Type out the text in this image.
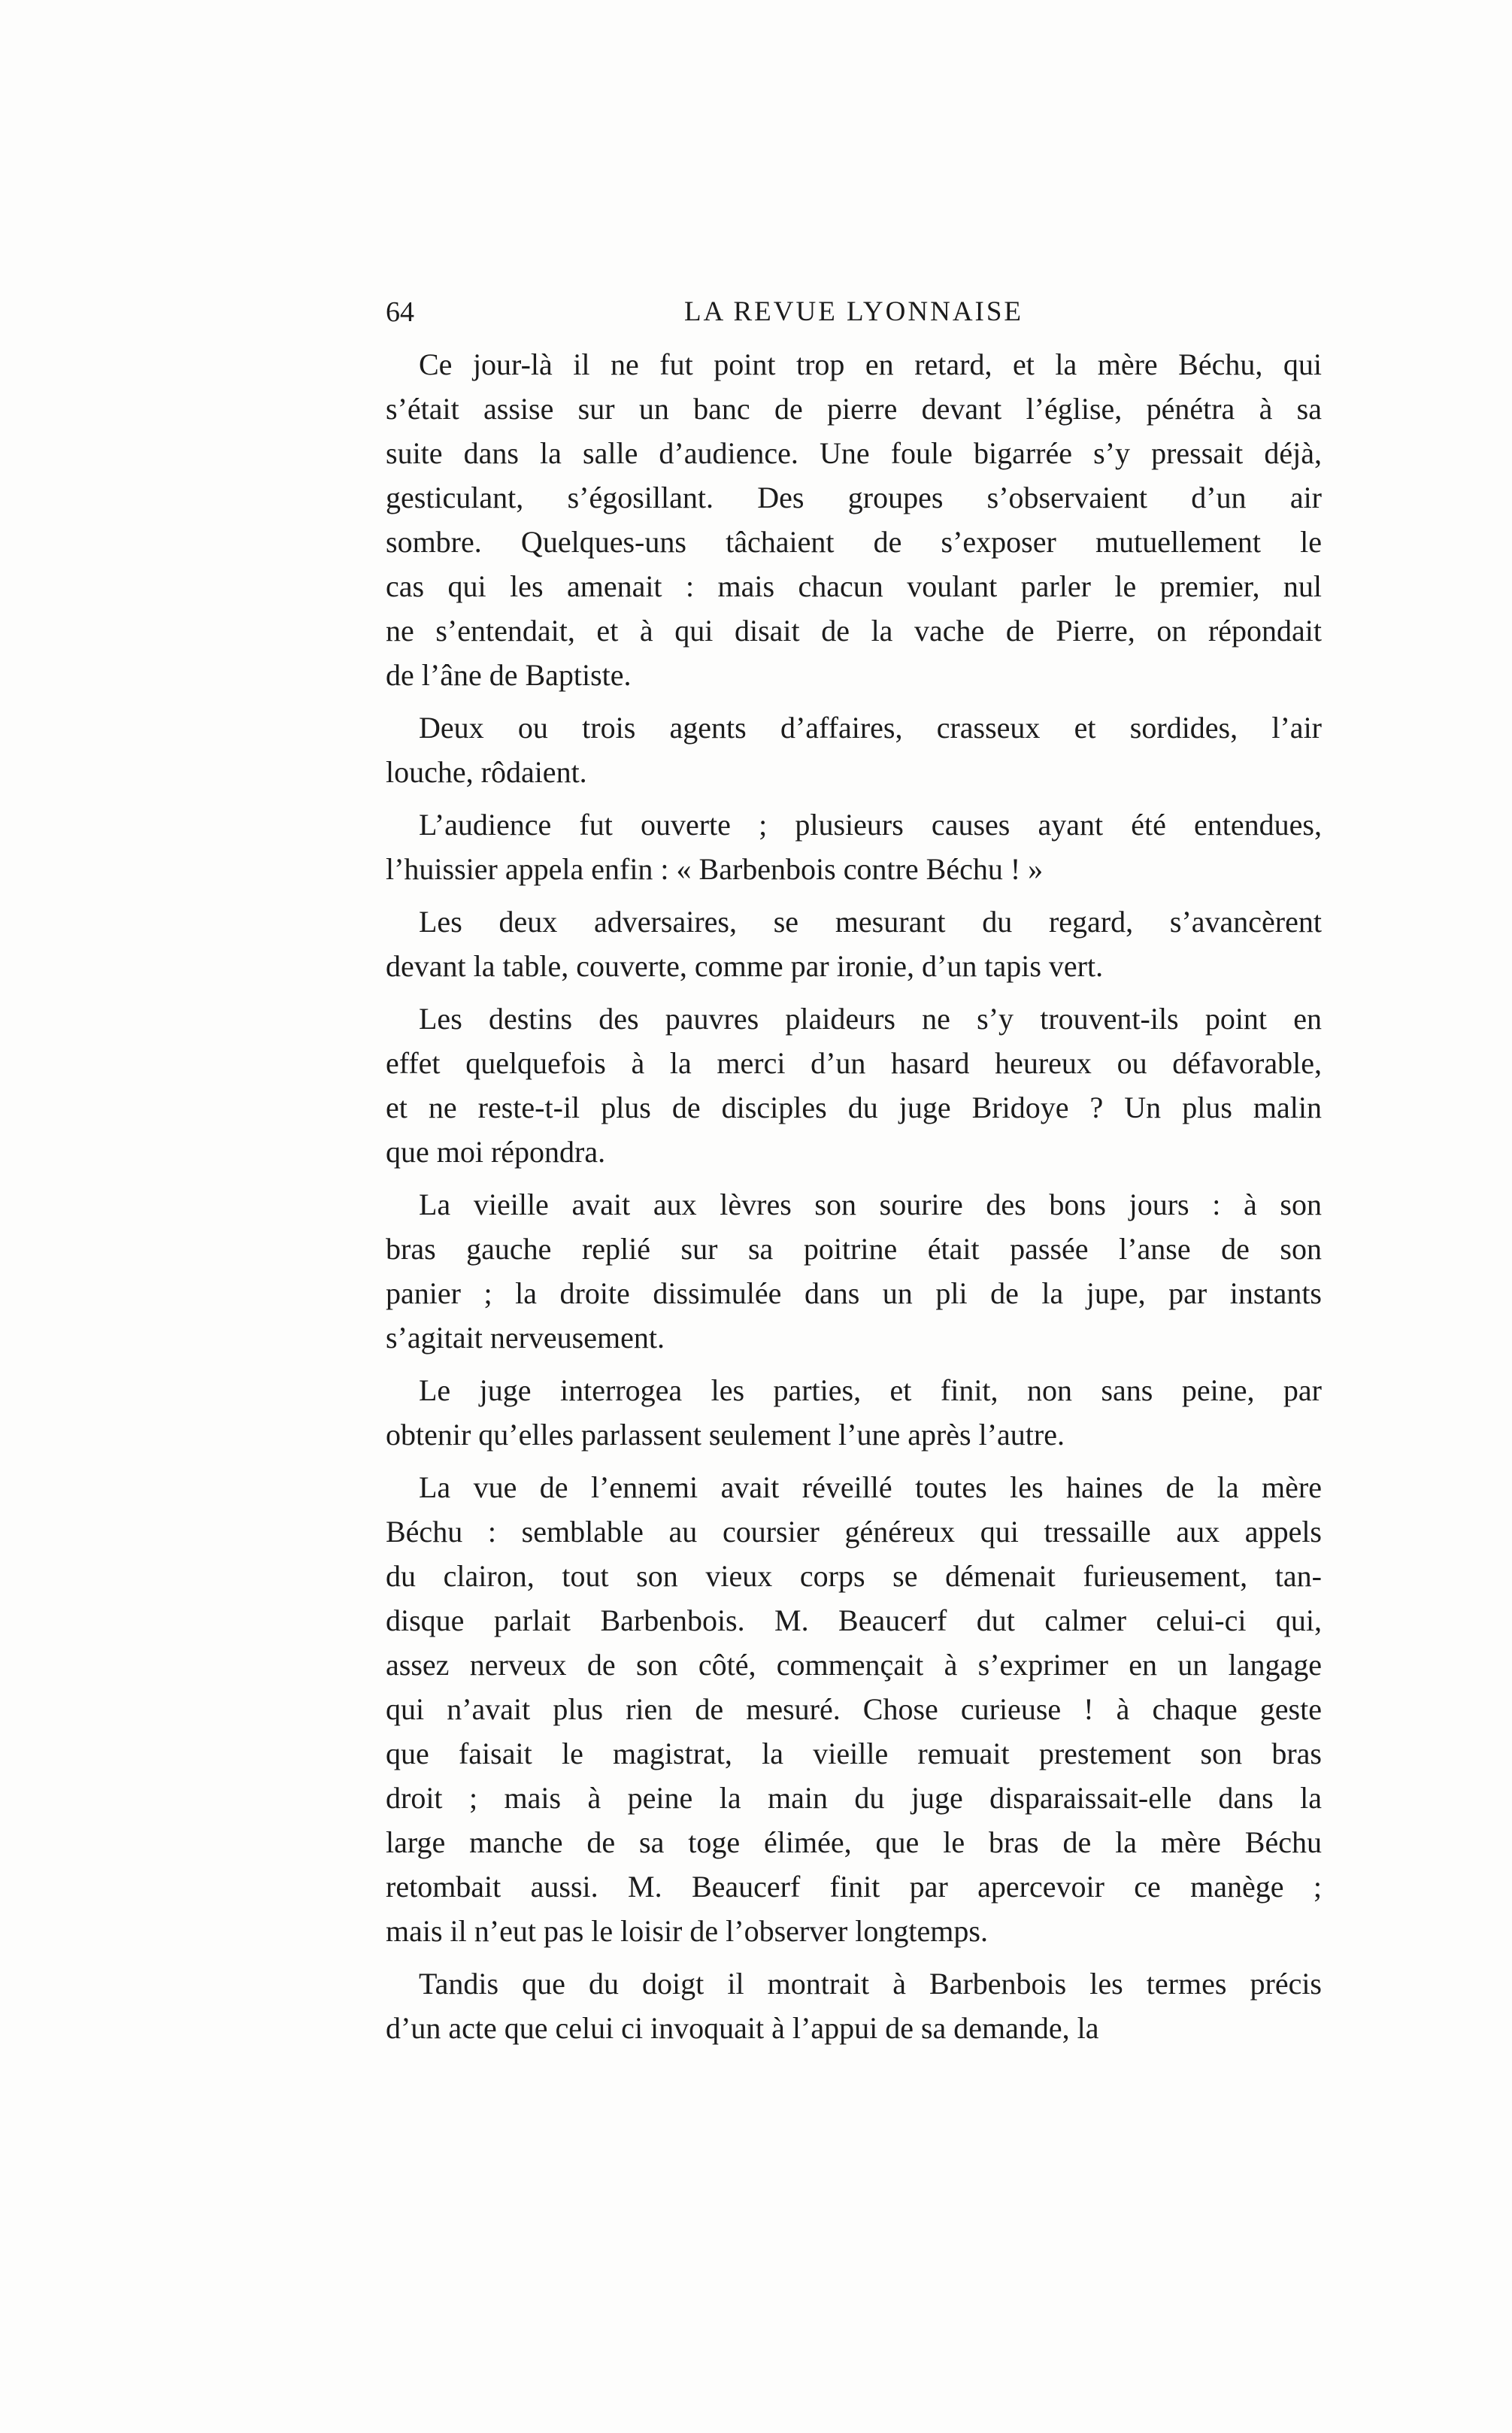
64	LA REVUE LYONNAISE
Ce jour-là il ne fut point trop en retard, et la mère Béchu, qui
s’était assise sur un banc de pierre devant l’église, pénétra à sa
suite dans la salle d’audience. Une foule bigarrée s’y pressait déjà,
gesticulant, s’égosillant. Des groupes s’observaient d’un air
sombre. Quelques-uns tâchaient de s’exposer mutuellement le
cas qui les amenait : mais chacun voulant parler le premier, nul
ne s’entendait, et à qui disait de la vache de Pierre, on répondait
de l’âne de Baptiste.
Deux ou trois agents d’affaires, crasseux et sordides, l’air
louche, rôdaient.
L’audience fut ouverte ; plusieurs causes ayant été entendues,
l’huissier appela enfin : « Barbenbois contre Béchu ! »
Les deux adversaires, se mesurant du regard, s’avancèrent
devant la table, couverte, comme par ironie, d’un tapis vert.
Les destins des pauvres plaideurs ne s’y trouvent-ils point en
effet quelquefois à la merci d’un hasard heureux ou défavorable,
et ne reste-t-il plus de disciples du juge Bridoye ? Un plus malin
que moi répondra.
La vieille avait aux lèvres son sourire des bons jours : à son
bras gauche replié sur sa poitrine était passée l’anse de son
panier ; la droite dissimulée dans un pli de la jupe, par instants
s’agitait nerveusement.
Le juge interrogea les parties, et finit, non sans peine, par
obtenir qu’elles parlassent seulement l’une après l’autre.
La vue de l’ennemi avait réveillé toutes les haines de la mère
Béchu : semblable au coursier généreux qui tressaille aux appels
du clairon, tout son vieux corps se démenait furieusement, tan-
disque parlait Barbenbois. M. Beaucerf dut calmer celui-ci qui,
assez nerveux de son côté, commençait à s’exprimer en un langage
qui n’avait plus rien de mesuré. Chose curieuse ! à chaque geste
que faisait le magistrat, la vieille remuait prestement son bras
droit ; mais à peine la main du juge disparaissait-elle dans la
large manche de sa toge élimée, que le bras de la mère Béchu
retombait aussi. M. Beaucerf finit par apercevoir ce manège ;
mais il n’eut pas le loisir de l’observer longtemps.
Tandis que du doigt il montrait à Barbenbois les termes précis
d’un acte que celui ci invoquait à l’appui de sa demande, la
